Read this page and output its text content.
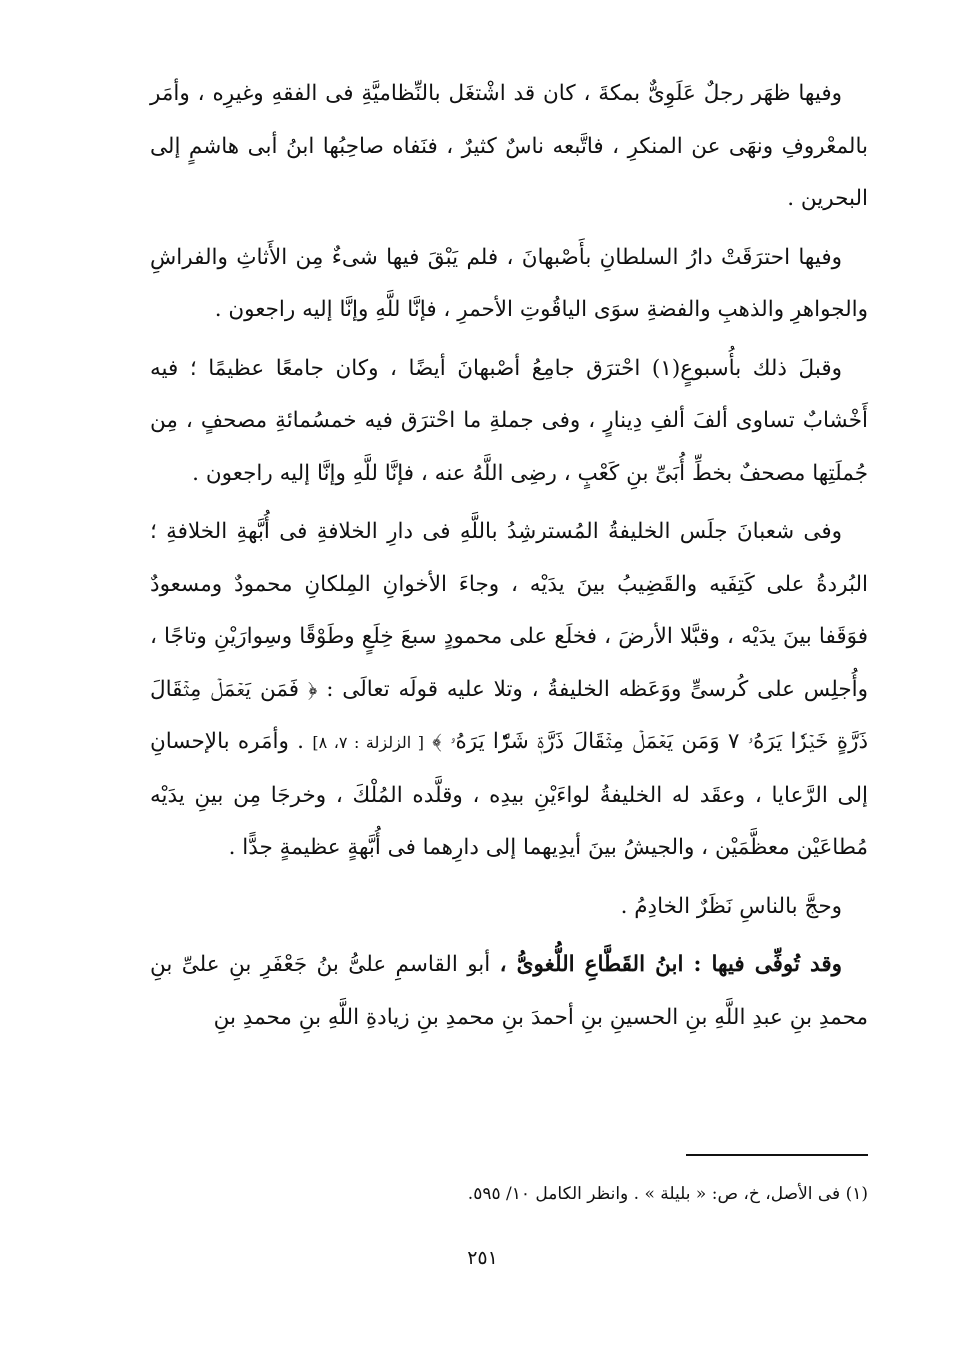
وفيها ظهَر رجلٌ عَلَوِىٌّ بمكةَ ، كان قد اشْتغَل بالنِّظاميَّةِ فى الفقهِ وغيرِه ، وأمَر بالمعْروفِ ونهَى عن المنكرِ ، فاتَّبعه ناسٌ كثيرٌ ، فنَفاه صاحِبُها ابنُ أبى هاشمٍ إلى البحرين .

وفيها احترَقَتْ دارُ السلطانِ بأَصْبهانَ ، فلم يَبْقَ فيها شىءٌ مِن الأَثاثِ والفراشِ والجواهرِ والذهبِ والفضةِ سوَى الياقُوتِ الأحمرِ ، فإنَّا للَّهِ وإنَّا إليه راجعون .

وقبلَ ذلك بأُسبوعٍ(١) احْترَق جامِعُ أصْبهانَ أيضًا ، وكان جامعًا عظيمًا ؛ فيه أَخْشابٌ تساوى ألفَ ألفِ دِينارٍ ، وفى جملةِ ما احْترَق فيه خمسُمائةِ مصحفٍ ، مِن جُملَتِها مصحفٌ بخطِّ أُبَىِّ بنِ كَعْبٍ ، رضِى اللَّهُ عنه ، فإنَّا للَّهِ وإنَّا إليه راجعون .

وفى شعبانَ جلَس الخليفةُ المُسترشِدُ باللَّهِ فى دارِ الخلافةِ فى أُبَّهةِ الخلافةِ ؛ البُردةُ على كَتِفَيه والقَضِيبُ بينَ يدَيْه ، وجاءَ الأخوانِ المِلكانِ محمودٌ ومسعودٌ فوَقَفا بينَ يدَيْه ، وقبَّلا الأرضَ ، فخلَع على محمودٍ سبعَ خِلَعٍ وطَوْقًا وسِوارَيْنِ وتاجًا ، وأُجلِس على كُرسىٍّ ووَعَظه الخليفةُ ، وتلا عليه قولَه تعالَى : ﴿ فَمَن يَعۡمَلۡ مِثۡقَالَ ذَرَّةٍ خَيۡرٗا يَرَهُۥ ٧ وَمَن يَعۡمَلۡ مِثۡقَالَ ذَرَّةٖ شَرّٗا يَرَهُۥ ﴾ [ الزلزلة : ٧، ٨] . وأمَره بالإحسانِ إلى الرَّعايا ، وعقَد له الخليفةُ لواءَيْنِ بيدِه ، وقلَّده المُلْكَ ، وخرجَا مِن بينِ يدَيْه مُطاعَيْن معظَّمَيْن ، والجيشُ بينَ أيدِيهما إلى دارِهما فى أُبَّهةٍ عظيمةٍ جدًّا .

وحجَّ بالناسِ نَظَرٌ الخادِمُ .

وقد تُوفِّى فيها : ابنُ القَطَّاعِ اللُّغوىُّ ، أبو القاسمِ علىُّ بنُ جَعْفَرِ بنِ علىِّ بنِ محمدِ بنِ عبدِ اللَّهِ بنِ الحسينِ بنِ أحمدَ بنِ محمدِ بنِ زيادةِ اللَّهِ بنِ محمدِ بنِ

(١) فى الأصل، خ، ص: « بليلة » . وانظر الكامل ١٠/ ٥٩٥.
٢٥١
